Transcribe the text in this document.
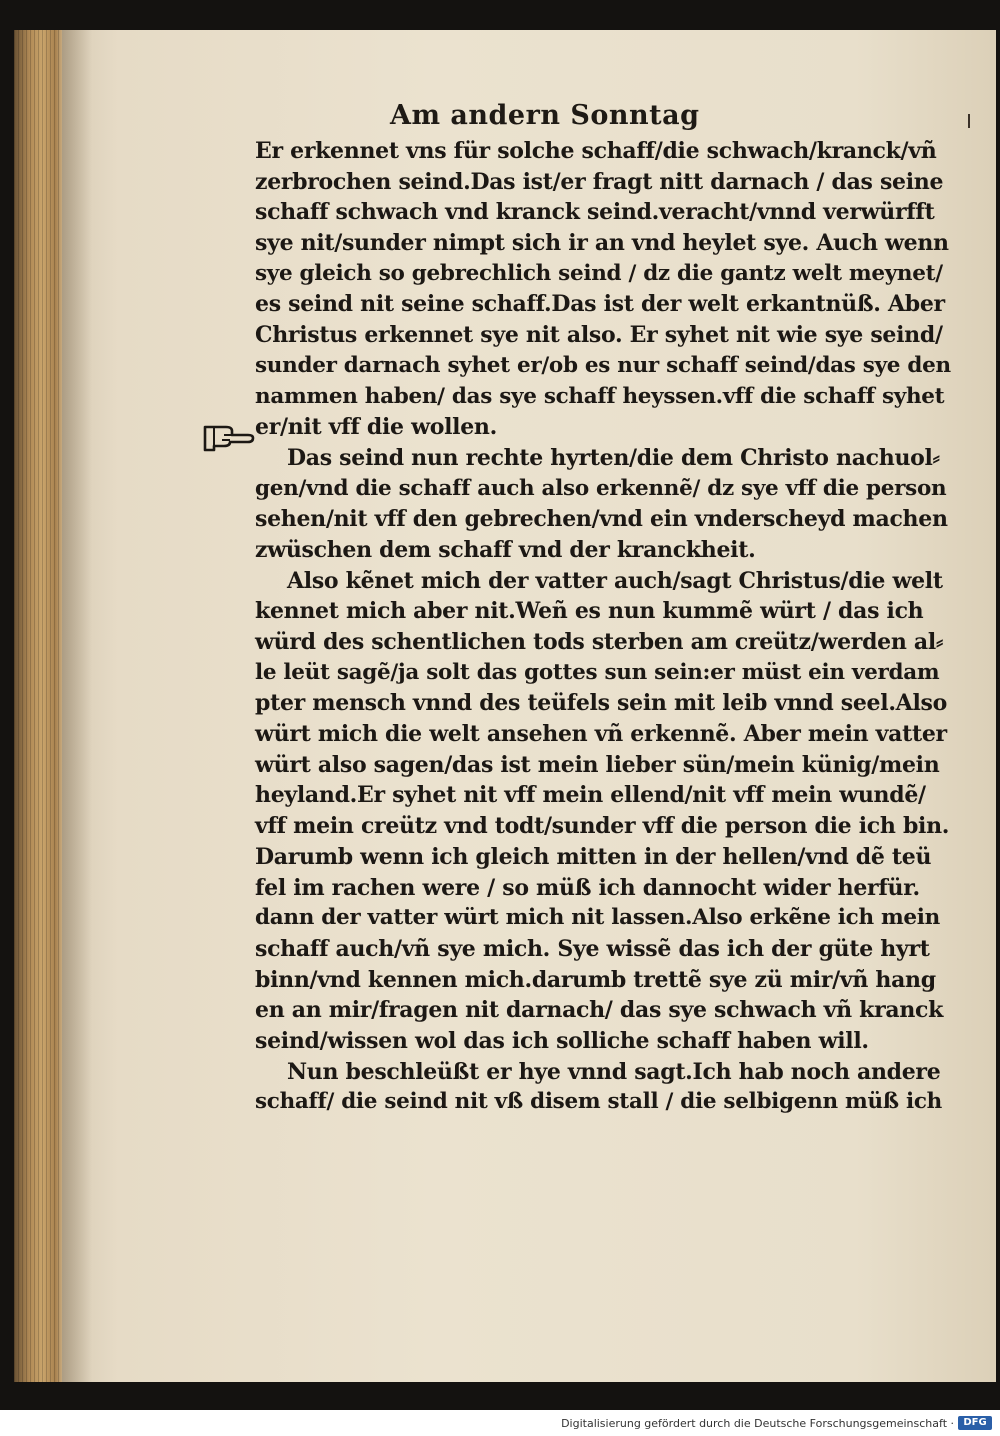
Am andern Sonntag
Er erkennet vns für solche schaff/die schwach/kranck/vñ
zerbrochen seind.Das ist/er fragt nitt darnach / das seine
schaff schwach vnd kranck seind.veracht/vnnd verwürfft
sye nit/sunder nimpt sich ir an vnd heylet sye. Auch wenn
sye gleich so gebrechlich seind / dz die gantz welt meynet/
es seind nit seine schaff.Das ist der welt erkantnüß. Aber
Christus erkennet sye nit also. Er syhet nit wie sye seind/
sunder darnach syhet er/ob es nur schaff seind/das sye den
nammen haben/ das sye schaff heyssen.vff die schaff syhet
er/nit vff die wollen.
Das seind nun rechte hyrten/die dem Christo nachuol⸗
gen/vnd die schaff auch also erkennẽ/ dz sye vff die person
sehen/nit vff den gebrechen/vnd ein vnderscheyd machen
zwüschen dem schaff vnd der kranckheit.
Also kẽnet mich der vatter auch/sagt Christus/die welt
kennet mich aber nit.Weñ es nun kummẽ würt / das ich
würd des schentlichen tods sterben am creütz/werden al⸗
le leüt sagẽ/ja solt das gottes sun sein:er müst ein verdam
pter mensch vnnd des teüfels sein mit leib vnnd seel.Also
würt mich die welt ansehen vñ erkennẽ. Aber mein vatter
würt also sagen/das ist mein lieber sün/mein künig/mein
heyland.Er syhet nit vff mein ellend/nit vff mein wundẽ/
vff mein creütz vnd todt/sunder vff die person die ich bin.
Darumb wenn ich gleich mitten in der hellen/vnd dẽ teü
fel im rachen were / so müß ich dannocht wider herfür.
dann der vatter würt mich nit lassen.Also erkẽne ich mein
schaff auch/vñ sye mich. Sye wissẽ das ich der güte hyrt
binn/vnd kennen mich.darumb trettẽ sye zü mir/vñ hang
en an mir/fragen nit darnach/ das sye schwach vñ kranck
seind/wissen wol das ich solliche schaff haben will.
Nun beschleüßt er hye vnnd sagt.Ich hab noch andere
schaff/ die seind nit vß disem stall / die selbigenn müß ich
Digitalisierung gefördert durch die Deutsche Forschungsgemeinschaft · DFG
